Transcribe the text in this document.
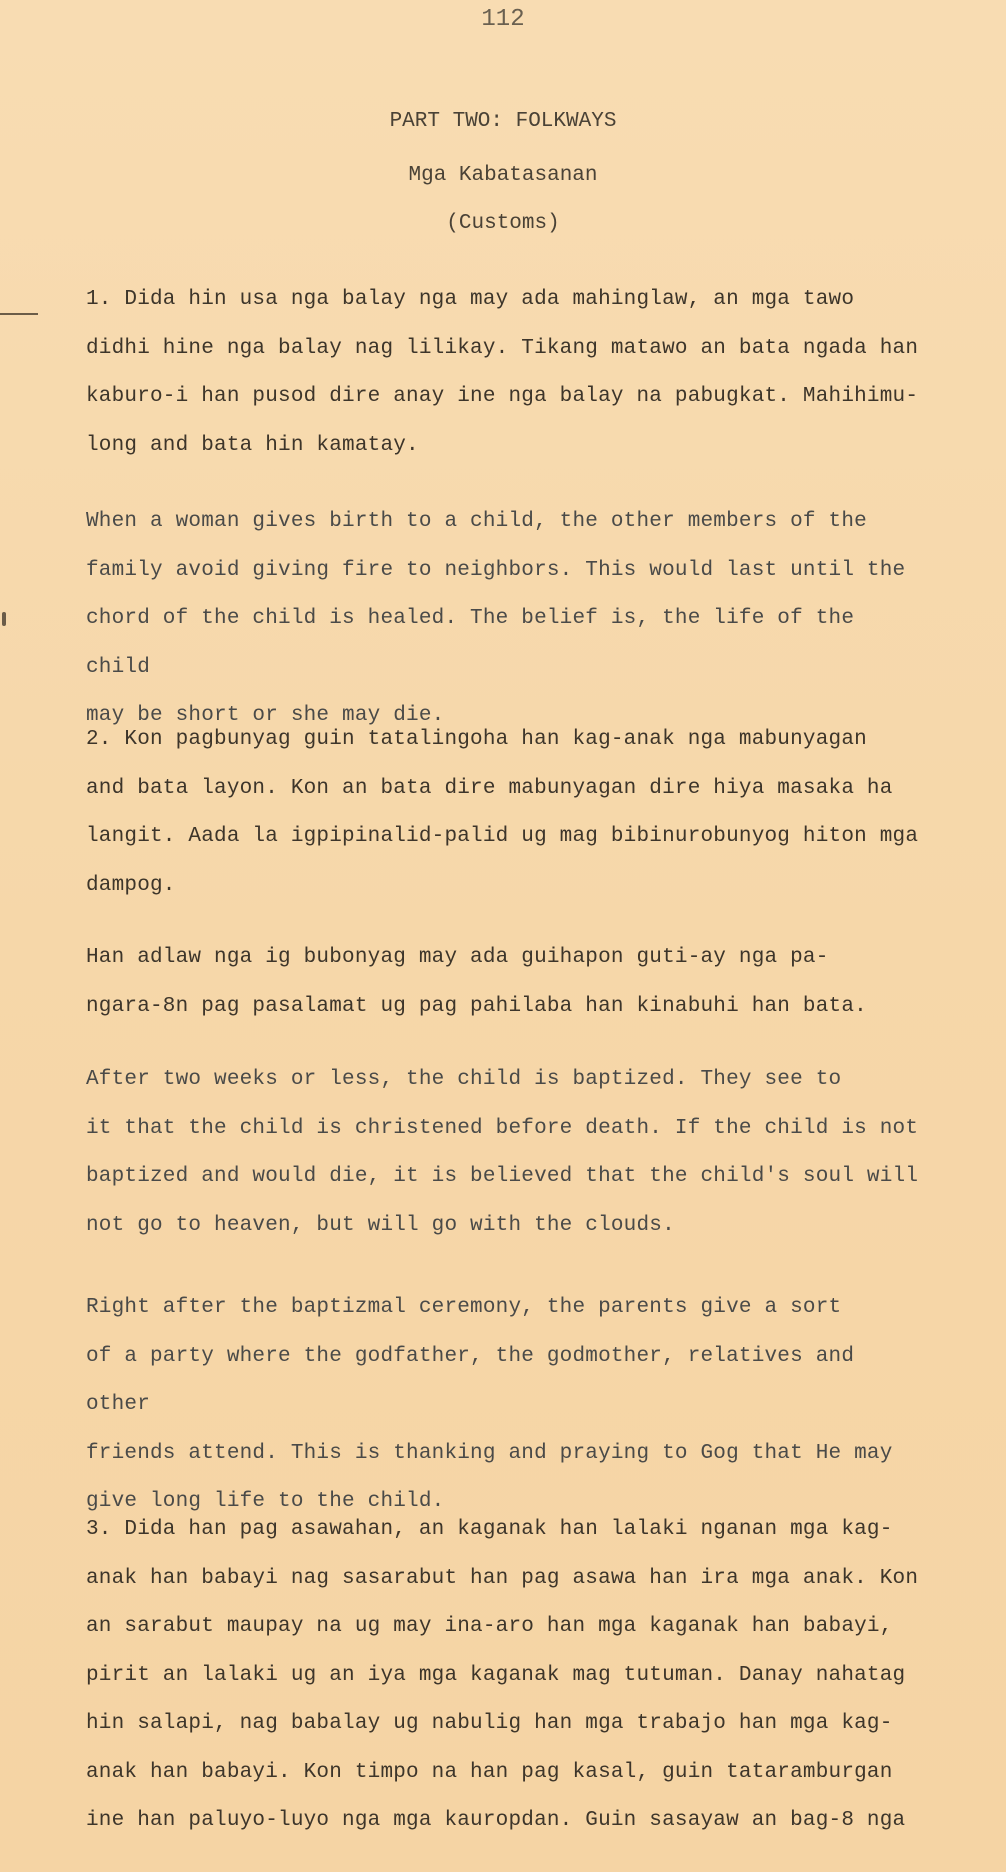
112
PART TWO: FOLKWAYS
Mga Kabatasanan
(Customs)

1. Dida hin usa nga balay nga may ada mahinglaw, an mga tawo
didhi hine nga balay nag lilikay. Tikang matawo an bata ngada han
kaburo-i han pusod dire anay ine nga balay na pabugkat. Mahihimu-
long and bata hin kamatay.

When a woman gives birth to a child, the other members of the
family avoid giving fire to neighbors. This would last until the
chord of the child is healed. The belief is, the life of the child
may be short or she may die.

2. Kon pagbunyag guin tatalingoha han kag-anak nga mabunyagan
and bata layon. Kon an bata dire mabunyagan dire hiya masaka ha
langit. Aada la igpipinalid-palid ug mag bibinurobunyog hiton mga
dampog.

Han adlaw nga ig bubonyag may ada guihapon guti-ay nga pa-
ngara-8n pag pasalamat ug pag pahilaba han kinabuhi han bata.

After two weeks or less, the child is baptized. They see to
it that the child is christened before death. If the child is not
baptized and would die, it is believed that the child's soul will
not go to heaven, but will go with the clouds.

Right after the baptizmal ceremony, the parents give a sort
of a party where the godfather, the godmother, relatives and other
friends attend. This is thanking and praying to Gog that He may
give long life to the child.

3. Dida han pag asawahan, an kaganak han lalaki nganan mga kag-
anak han babayi nag sasarabut han pag asawa han ira mga anak. Kon
an sarabut maupay na ug may ina-aro han mga kaganak han babayi,
pirit an lalaki ug an iya mga kaganak mag tutuman. Danay nahatag
hin salapi, nag babalay ug nabulig han mga trabajo han mga kag-
anak han babayi. Kon timpo na han pag kasal, guin tataramburgan
ine han paluyo-luyo nga mga kauropdan. Guin sasayaw an bag-8 nga
